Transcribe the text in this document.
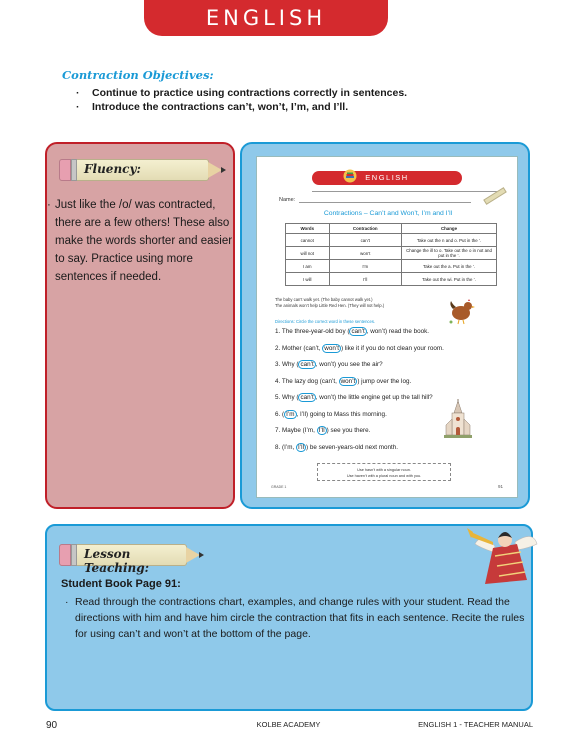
ENGLISH
Contraction Objectives:
· Continue to practice using contractions correctly in sentences.
· Introduce the contractions can’t, won’t, I’m, and I’ll.
Fluency:
· Just like the /o/ was contracted, there are a few others! These also make the words shorter and easier to say. Practice using more sentences if needed.
ENGLISH
Name:
Contractions – Can’t and Won’t, I’m and I’ll
Words	Contraction	Change
cannot	can’t	Take out the n and o. Put in the ’.
will not	won’t	Change the ill to o. Take out the o in not and put in the ’.
I am	I’m	Take out the a. Put in the ’.
I will	I’ll	Take out the wi. Put in the ’.
The baby can’t walk yet. (The baby cannot walk yet.)
The animals won’t help Little Red Hen. (They will not help.)
Directions: Circle the correct word in these sentences.
1. The three-year-old boy ( can’t , won’t) read the book.
2. Mother (can’t, won’t ) like it if you do not clean your room.
3. Why ( can’t , won’t) you see the air?
4. The lazy dog (can’t, won’t ) jump over the log.
5. Why ( can’t , won’t) the little engine get up the tall hill?
6. ( I’m , I’ll) going to Mass this morning.
7. Maybe (I’m, I’ll ) see you there.
8. (I’m, I’ll ) be seven-years-old next month.
Use hasn’t with a singular noun.
Use haven’t with a plural noun and with you.
GRADE 1	91
Lesson Teaching:
Student Book Page 91:
· Read through the contractions chart, examples, and change rules with your student. Read the directions with him and have him circle the contraction that fits in each sentence. Recite the rules for using can’t and won’t at the bottom of the page.
90	KOLBE ACADEMY	ENGLISH 1 - TEACHER MANUAL
